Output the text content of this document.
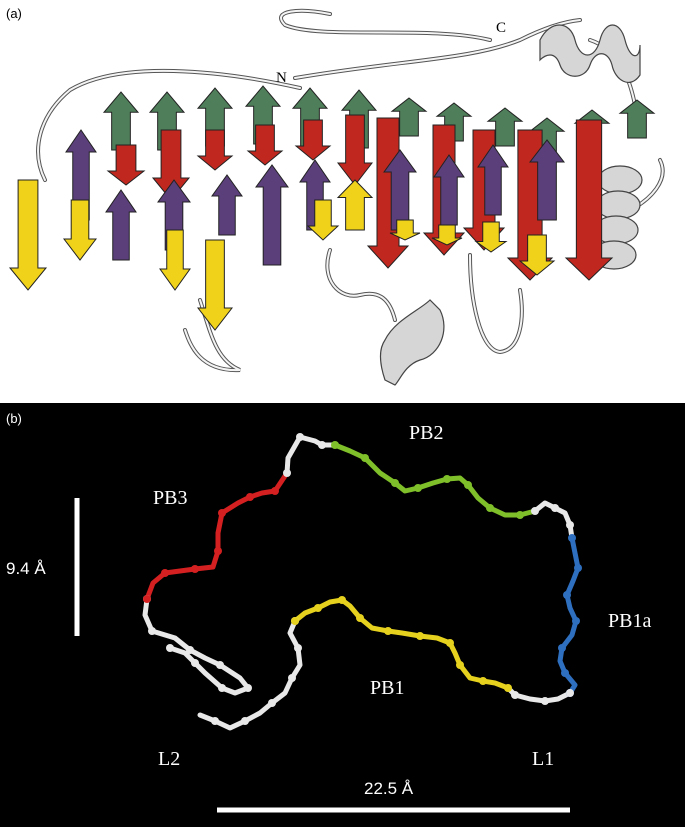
(a)
N
C
(b)
PB3
PB2
PB1a
PB1
L2	L1
9.4 Å
22.5 Å
